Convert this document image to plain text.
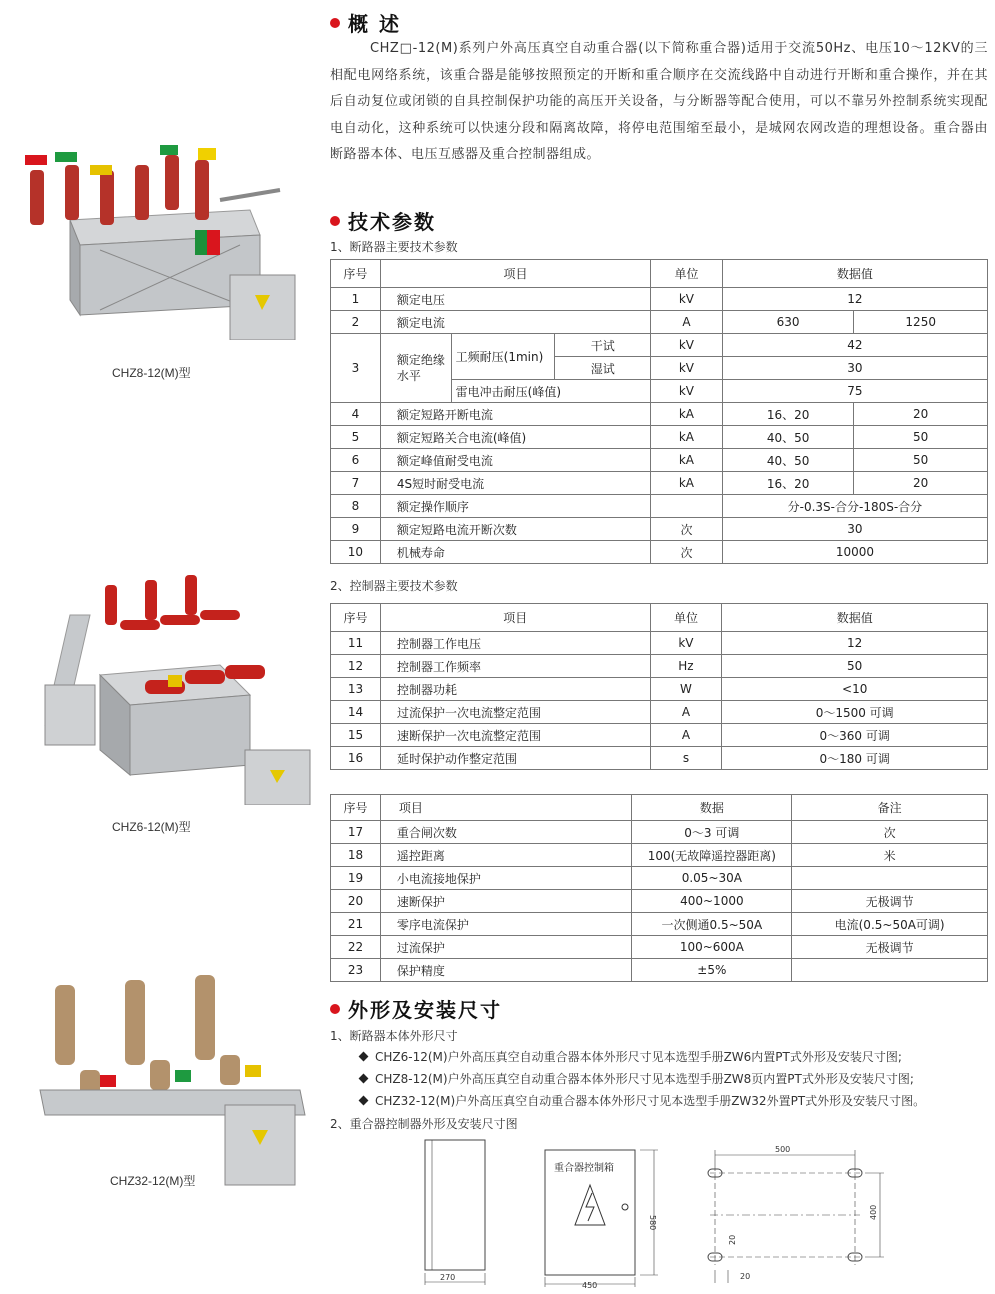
CHZ8-12(M)型
CHZ6-12(M)型
CHZ32-12(M)型
概 述
CHZ□-12(M)系列户外高压真空自动重合器(以下简称重合器)适用于交流50Hz、电压10～12KV的三相配电网络系统，该重合器是能够按照预定的开断和重合顺序在交流线路中自动进行开断和重合操作，并在其后自动复位或闭锁的自具控制保护功能的高压开关设备，与分断器等配合使用，可以不靠另外控制系统实现配电自动化，这种系统可以快速分段和隔离故障，将停电范围缩至最小，是城网农网改造的理想设备。重合器由断路器本体、电压互感器及重合控制器组成。
技术参数
1、断路器主要技术参数
序号	项目			单位	数据值	
1	额定电压			kV	12	
2	额定电流			A	630	1250
3	额定绝缘水平	工频耐压(1min)	干试	kV	42	
			湿试	kV	30	
		雷电冲击耐压(峰值)		kV	75	
4	额定短路开断电流			kA	16、20	20
5	额定短路关合电流(峰值)			kA	40、50	50
6	额定峰值耐受电流			kA	40、50	50
7	4S短时耐受电流			kA	16、20	20
8	额定操作顺序				分-0.3S-合分-180S-合分	
9	额定短路电流开断次数			次	30	
10	机械寿命			次	10000	
2、控制器主要技术参数
序号	项目	单位	数据值
11	控制器工作电压	kV	12
12	控制器工作频率	Hz	50
13	控制器功耗	W	<10
14	过流保护一次电流整定范围	A	0～1500 可调
15	速断保护一次电流整定范围	A	0～360 可调
16	延时保护动作整定范围	s	0～180 可调
序号	项目	数据	备注
17	重合闸次数	0～3 可调	次
18	遥控距离	100(无故障遥控器距离)	米
19	小电流接地保护	0.05~30A	
20	速断保护	400~1000	无极调节
21	零序电流保护	一次侧通0.5~50A	电流(0.5~50A可调)
22	过流保护	100~600A	无极调节
23	保护精度	±5%	
外形及安装尺寸
1、断路器本体外形尺寸
CHZ6-12(M)户外高压真空自动重合器本体外形尺寸见本选型手册ZW6内置PT式外形及安装尺寸图;
CHZ8-12(M)户外高压真空自动重合器本体外形尺寸见本选型手册ZW8页内置PT式外形及安装尺寸图;
CHZ32-12(M)户外高压真空自动重合器本体外形尺寸见本选型手册ZW32外置PT式外形及安装尺寸图。
2、重合器控制器外形及安装尺寸图
270
重合器控制箱
580
450
500
400
20
20
